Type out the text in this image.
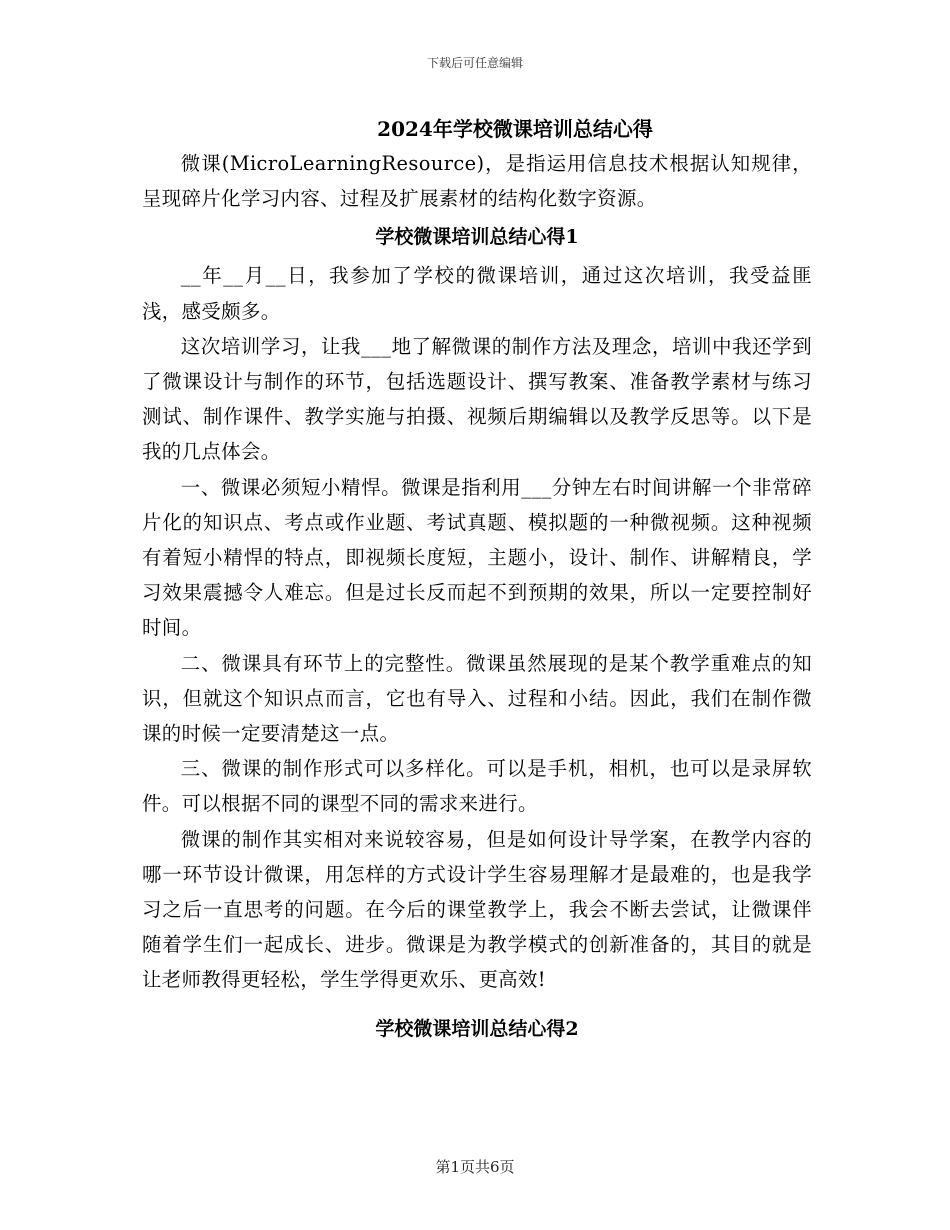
下载后可任意编辑
2024年学校微课培训总结心得

微课(MicroLearningResource)，是指运用信息技术根据认知规律，呈现碎片化学习内容、过程及扩展素材的结构化数字资源。

学校微课培训总结心得1

__年__月__日，我参加了学校的微课培训，通过这次培训，我受益匪浅，感受颇多。

这次培训学习，让我___地了解微课的制作方法及理念，培训中我还学到了微课设计与制作的环节，包括选题设计、撰写教案、准备教学素材与练习测试、制作课件、教学实施与拍摄、视频后期编辑以及教学反思等。以下是我的几点体会。

一、微课必须短小精悍。微课是指利用___分钟左右时间讲解一个非常碎片化的知识点、考点或作业题、考试真题、模拟题的一种微视频。这种视频有着短小精悍的特点，即视频长度短，主题小，设计、制作、讲解精良，学习效果震撼令人难忘。但是过长反而起不到预期的效果，所以一定要控制好时间。

二、微课具有环节上的完整性。微课虽然展现的是某个教学重难点的知识，但就这个知识点而言，它也有导入、过程和小结。因此，我们在制作微课的时候一定要清楚这一点。

三、微课的制作形式可以多样化。可以是手机，相机，也可以是录屏软件。可以根据不同的课型不同的需求来进行。

微课的制作其实相对来说较容易，但是如何设计导学案，在教学内容的哪一环节设计微课，用怎样的方式设计学生容易理解才是最难的，也是我学习之后一直思考的问题。在今后的课堂教学上，我会不断去尝试，让微课伴随着学生们一起成长、进步。微课是为教学模式的创新准备的，其目的就是让老师教得更轻松，学生学得更欢乐、更高效!

学校微课培训总结心得2
第1页共6页
